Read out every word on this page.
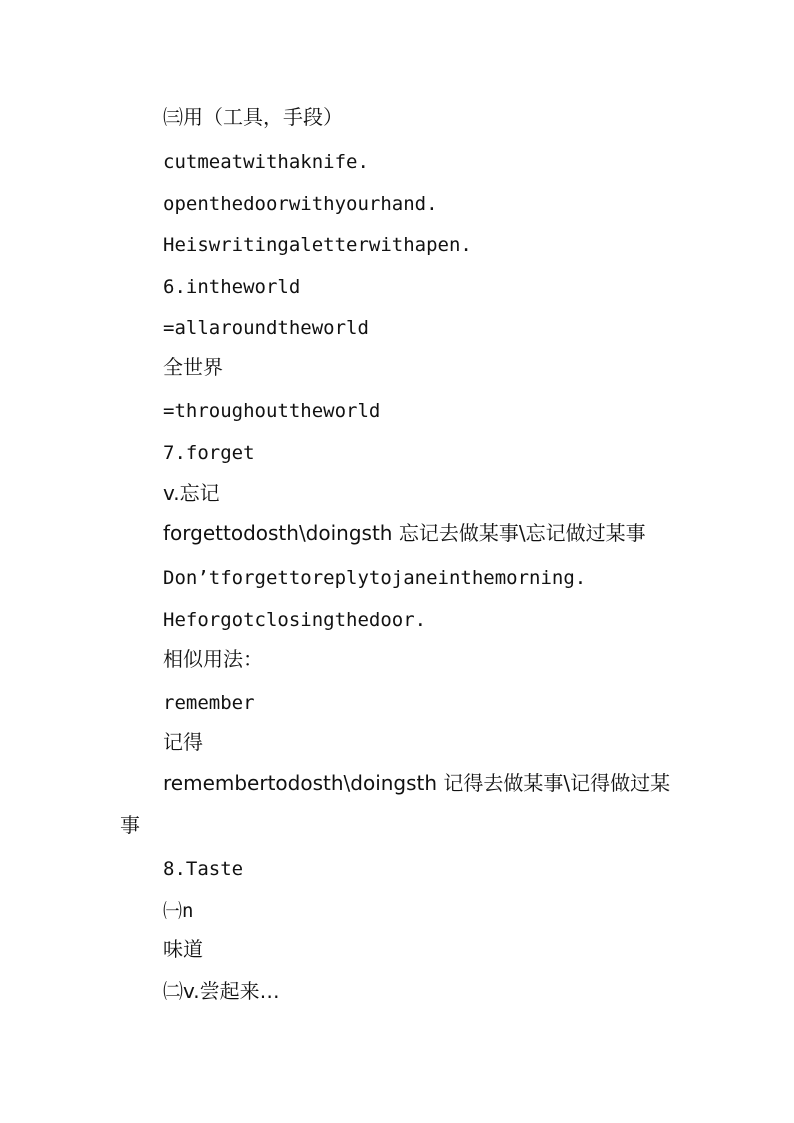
㈢用（工具，手段）
cutmeatwithaknife.
openthedoorwithyourhand.
Heiswritingaletterwithapen.
6.intheworld
=allaroundtheworld
全世界
=throughouttheworld
7.forget
v.忘记
forgettodosth\doingsth 忘记去做某事\忘记做过某事
Don’tforgettoreplytojaneinthemorning.
Heforgotclosingthedoor.
相似用法：
remember
记得
remembertodosth\doingsth 记得去做某事\记得做过某
事
8.Taste
㈠n
味道
㈡v.尝起来…
